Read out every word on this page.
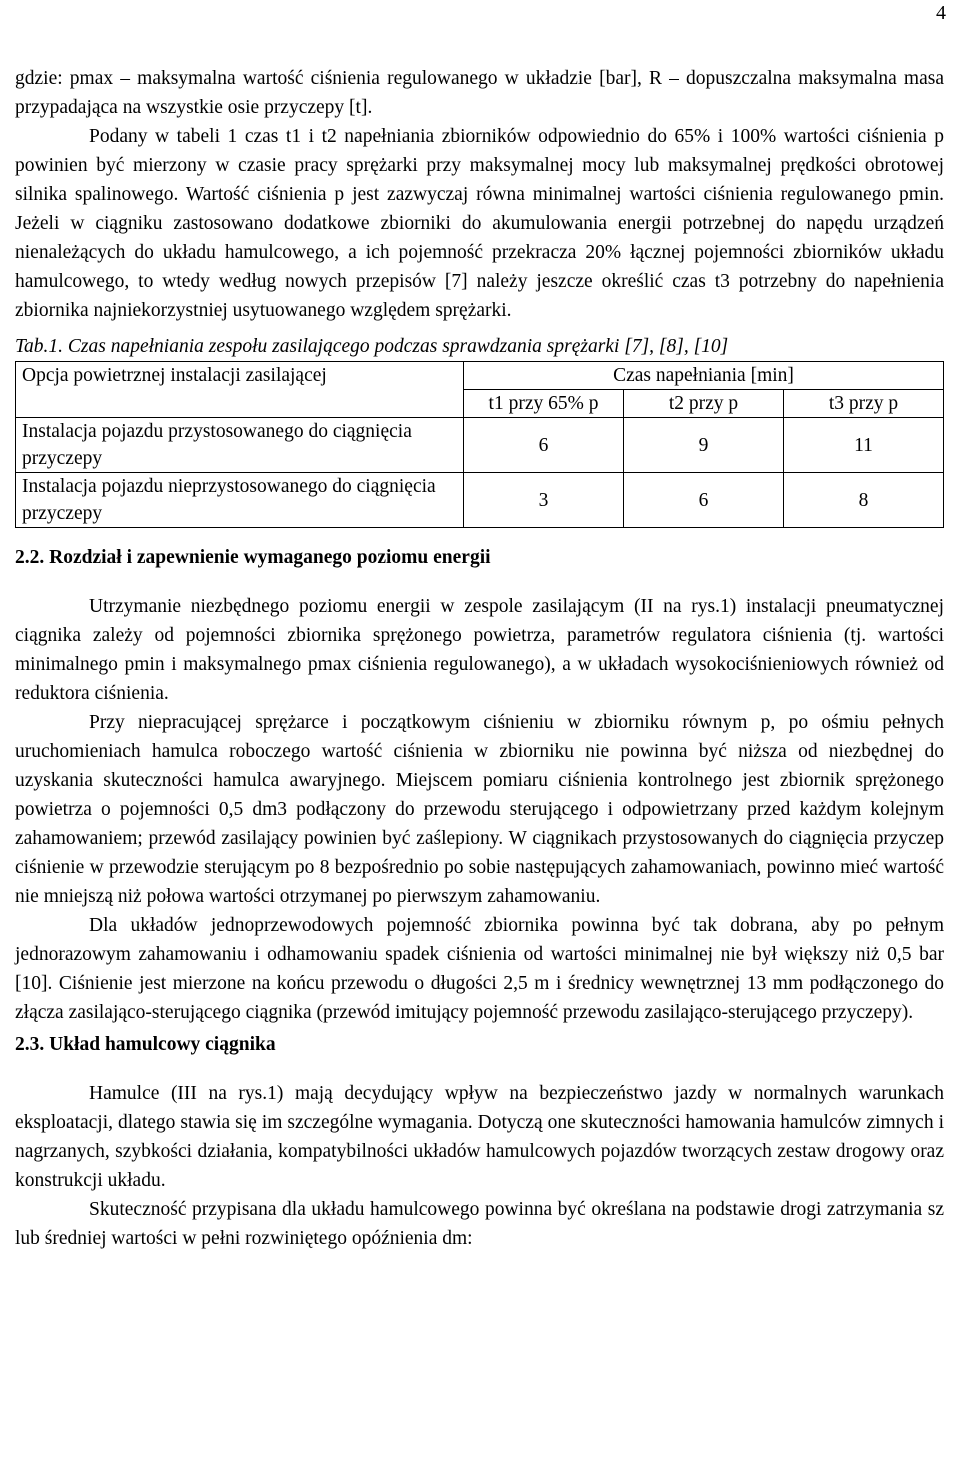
4

gdzie: pmax – maksymalna wartość ciśnienia regulowanego w układzie [bar], R – dopuszczalna maksymalna masa przypadająca na wszystkie osie przyczepy [t].

Podany w tabeli 1 czas t1 i t2 napełniania zbiorników odpowiednio do 65% i 100% wartości ciśnienia p powinien być mierzony w czasie pracy sprężarki przy maksymalnej mocy lub maksymalnej prędkości obrotowej silnika spalinowego. Wartość ciśnienia p jest zazwyczaj równa minimalnej wartości ciśnienia regulowanego pmin. Jeżeli w ciągniku zastosowano dodatkowe zbiorniki do akumulowania energii potrzebnej do napędu urządzeń nienależących do układu hamulcowego, a ich pojemność przekracza 20% łącznej pojemności zbiorników układu hamulcowego, to wtedy według nowych przepisów [7] należy jeszcze określić czas t3 potrzebny do napełnienia zbiornika najniekorzystniej usytuowanego względem sprężarki.

Tab.1. Czas napełniania zespołu zasilającego podczas sprawdzania sprężarki [7], [8], [10]

Opcja powietrznej instalacji zasilającej	Czas napełniania [min]		
	t1 przy 65% p	t2 przy p	t3 przy p
Instalacja pojazdu przystosowanego do ciągnięcia przyczepy	6	9	11
Instalacja pojazdu nieprzystosowanego do ciągnięcia przyczepy	3	6	8

2.2. Rozdział i zapewnienie wymaganego poziomu energii

Utrzymanie niezbędnego poziomu energii w zespole zasilającym (II na rys.1) instalacji pneumatycznej ciągnika zależy od pojemności zbiornika sprężonego powietrza, parametrów regulatora ciśnienia (tj. wartości minimalnego pmin i maksymalnego pmax ciśnienia regulowanego), a w układach wysokociśnieniowych również od reduktora ciśnienia.

Przy niepracującej sprężarce i początkowym ciśnieniu w zbiorniku równym p, po ośmiu pełnych uruchomieniach hamulca roboczego wartość ciśnienia w zbiorniku nie powinna być niższa od niezbędnej do uzyskania skuteczności hamulca awaryjnego. Miejscem pomiaru ciśnienia kontrolnego jest zbiornik sprężonego powietrza o pojemności 0,5 dm3 podłączony do przewodu sterującego i odpowietrzany przed każdym kolejnym zahamowaniem; przewód zasilający powinien być zaślepiony. W ciągnikach przystosowanych do ciągnięcia przyczep ciśnienie w przewodzie sterującym po 8 bezpośrednio po sobie następujących zahamowaniach, powinno mieć wartość nie mniejszą niż połowa wartości otrzymanej po pierwszym zahamowaniu.

Dla układów jednoprzewodowych pojemność zbiornika powinna być tak dobrana, aby po pełnym jednorazowym zahamowaniu i odhamowaniu spadek ciśnienia od wartości minimalnej nie był większy niż 0,5 bar [10]. Ciśnienie jest mierzone na końcu przewodu o długości 2,5 m i średnicy wewnętrznej 13 mm podłączonego do złącza zasilająco-sterującego ciągnika (przewód imitujący pojemność przewodu zasilająco-sterującego przyczepy).

2.3. Układ hamulcowy ciągnika

Hamulce (III na rys.1) mają decydujący wpływ na bezpieczeństwo jazdy w normalnych warunkach eksploatacji, dlatego stawia się im szczególne wymagania. Dotyczą one skuteczności hamowania hamulców zimnych i nagrzanych, szybkości działania, kompatybilności układów hamulcowych pojazdów tworzących zestaw drogowy oraz konstrukcji układu.

Skuteczność przypisana dla układu hamulcowego powinna być określana na podstawie drogi zatrzymania sz lub średniej wartości w pełni rozwiniętego opóźnienia dm:
